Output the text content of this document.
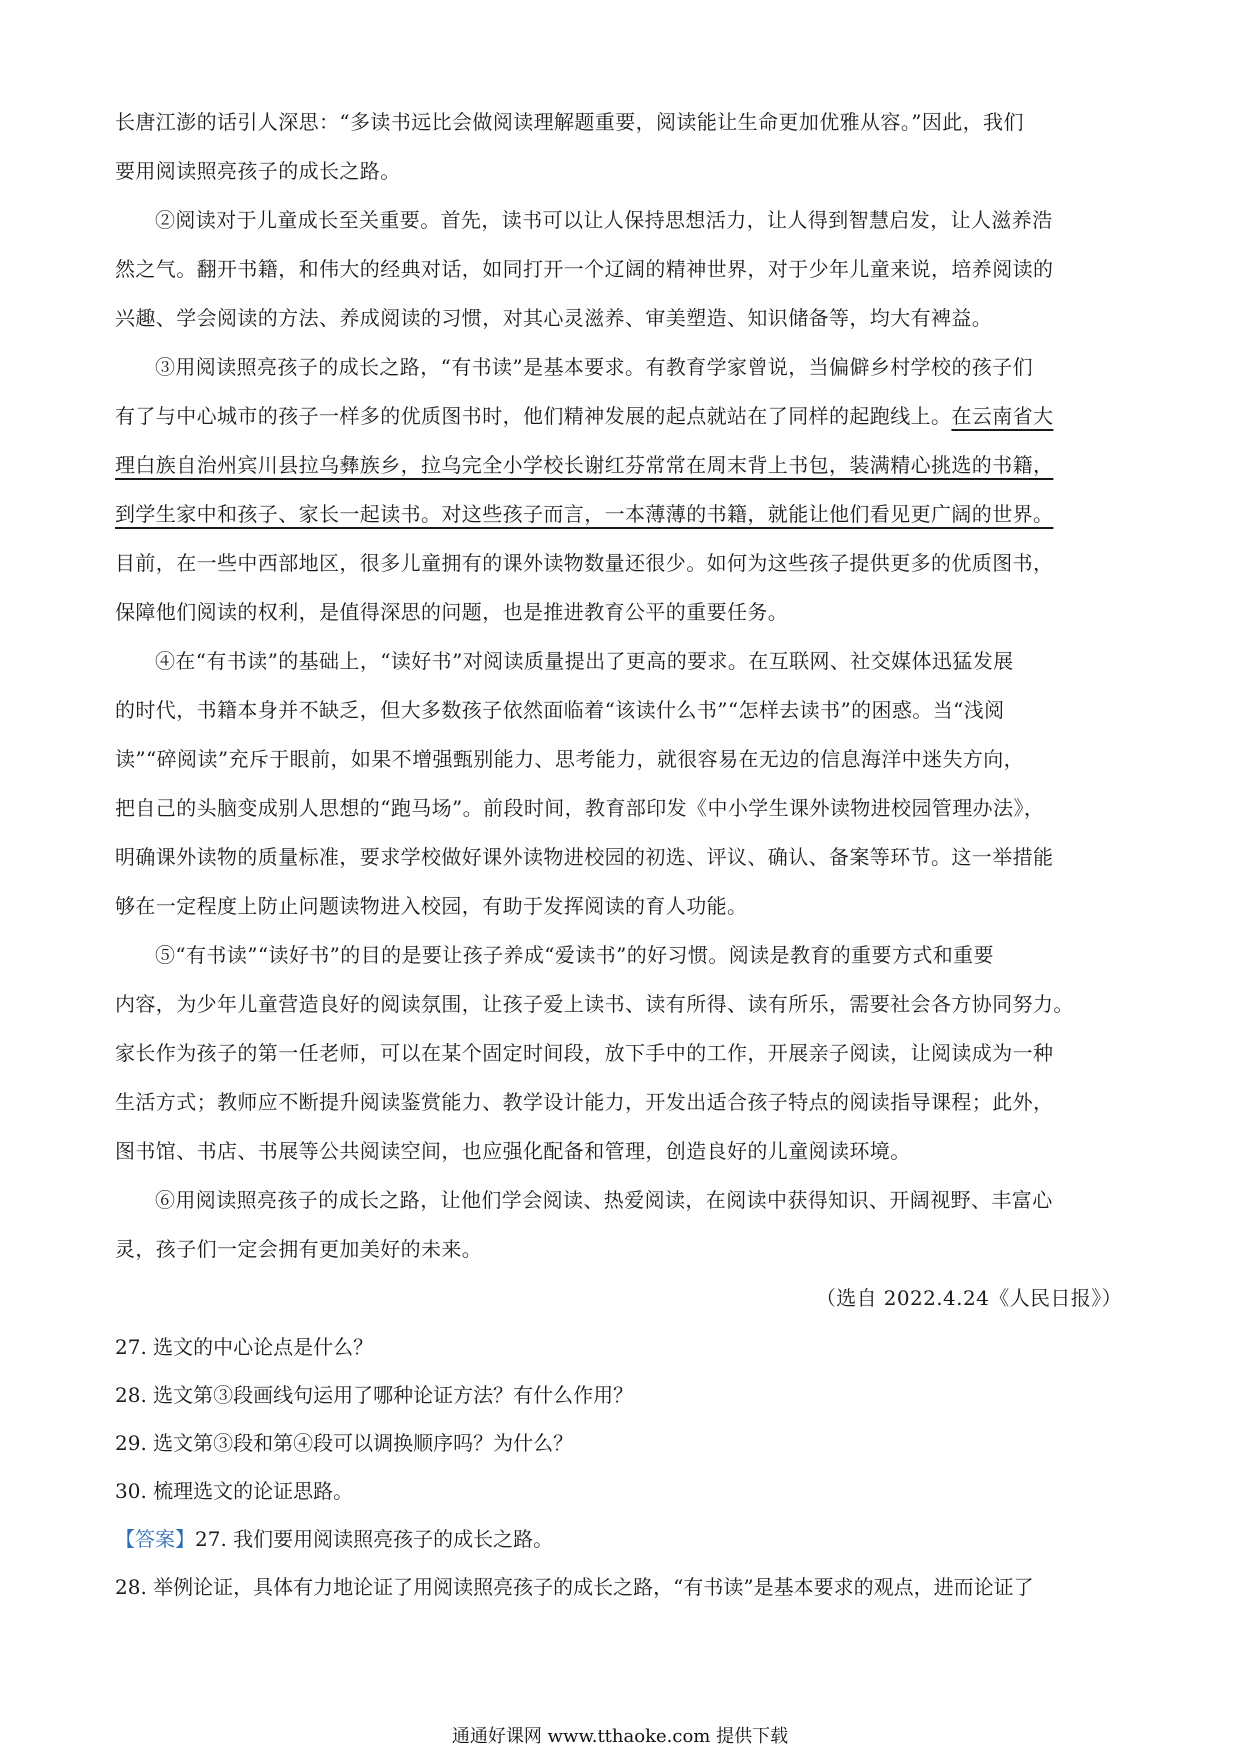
长唐江澎的话引人深思：“多读书远比会做阅读理解题重要，阅读能让生命更加优雅从容。”因此，我们
要用阅读照亮孩子的成长之路。
②阅读对于儿童成长至关重要。首先，读书可以让人保持思想活力，让人得到智慧启发，让人滋养浩
然之气。翻开书籍，和伟大的经典对话，如同打开一个辽阔的精神世界，对于少年儿童来说，培养阅读的
兴趣、学会阅读的方法、养成阅读的习惯，对其心灵滋养、审美塑造、知识储备等，均大有裨益。
③用阅读照亮孩子的成长之路，“有书读”是基本要求。有教育学家曾说，当偏僻乡村学校的孩子们
有了与中心城市的孩子一样多的优质图书时，他们精神发展的起点就站在了同样的起跑线上。在云南省大
理白族自治州宾川县拉乌彝族乡，拉乌完全小学校长谢红芬常常在周末背上书包，装满精心挑选的书籍，
到学生家中和孩子、家长一起读书。对这些孩子而言，一本薄薄的书籍，就能让他们看见更广阔的世界。
目前，在一些中西部地区，很多儿童拥有的课外读物数量还很少。如何为这些孩子提供更多的优质图书，
保障他们阅读的权利，是值得深思的问题，也是推进教育公平的重要任务。
④在“有书读”的基础上，“读好书”对阅读质量提出了更高的要求。在互联网、社交媒体迅猛发展
的时代，书籍本身并不缺乏，但大多数孩子依然面临着“该读什么书”“怎样去读书”的困惑。当“浅阅
读”“碎阅读”充斥于眼前，如果不增强甄别能力、思考能力，就很容易在无边的信息海洋中迷失方向，
把自己的头脑变成别人思想的“跑马场”。前段时间，教育部印发《中小学生课外读物进校园管理办法》，
明确课外读物的质量标准，要求学校做好课外读物进校园的初选、评议、确认、备案等环节。这一举措能
够在一定程度上防止问题读物进入校园，有助于发挥阅读的育人功能。
⑤“有书读”“读好书”的目的是要让孩子养成“爱读书”的好习惯。阅读是教育的重要方式和重要
内容，为少年儿童营造良好的阅读氛围，让孩子爱上读书、读有所得、读有所乐，需要社会各方协同努力。
家长作为孩子的第一任老师，可以在某个固定时间段，放下手中的工作，开展亲子阅读，让阅读成为一种
生活方式；教师应不断提升阅读鉴赏能力、教学设计能力，开发出适合孩子特点的阅读指导课程；此外，
图书馆、书店、书展等公共阅读空间，也应强化配备和管理，创造良好的儿童阅读环境。
⑥用阅读照亮孩子的成长之路，让他们学会阅读、热爱阅读，在阅读中获得知识、开阔视野、丰富心
灵，孩子们一定会拥有更加美好的未来。
（选自 2022.4.24《人民日报》）
27. 选文的中心论点是什么？
28. 选文第③段画线句运用了哪种论证方法？有什么作用？
29. 选文第③段和第④段可以调换顺序吗？为什么？
30. 梳理选文的论证思路。
【答案】27. 我们要用阅读照亮孩子的成长之路。
28. 举例论证，具体有力地论证了用阅读照亮孩子的成长之路，“有书读”是基本要求的观点，进而论证了
通通好课网 www.tthaoke.com 提供下载
